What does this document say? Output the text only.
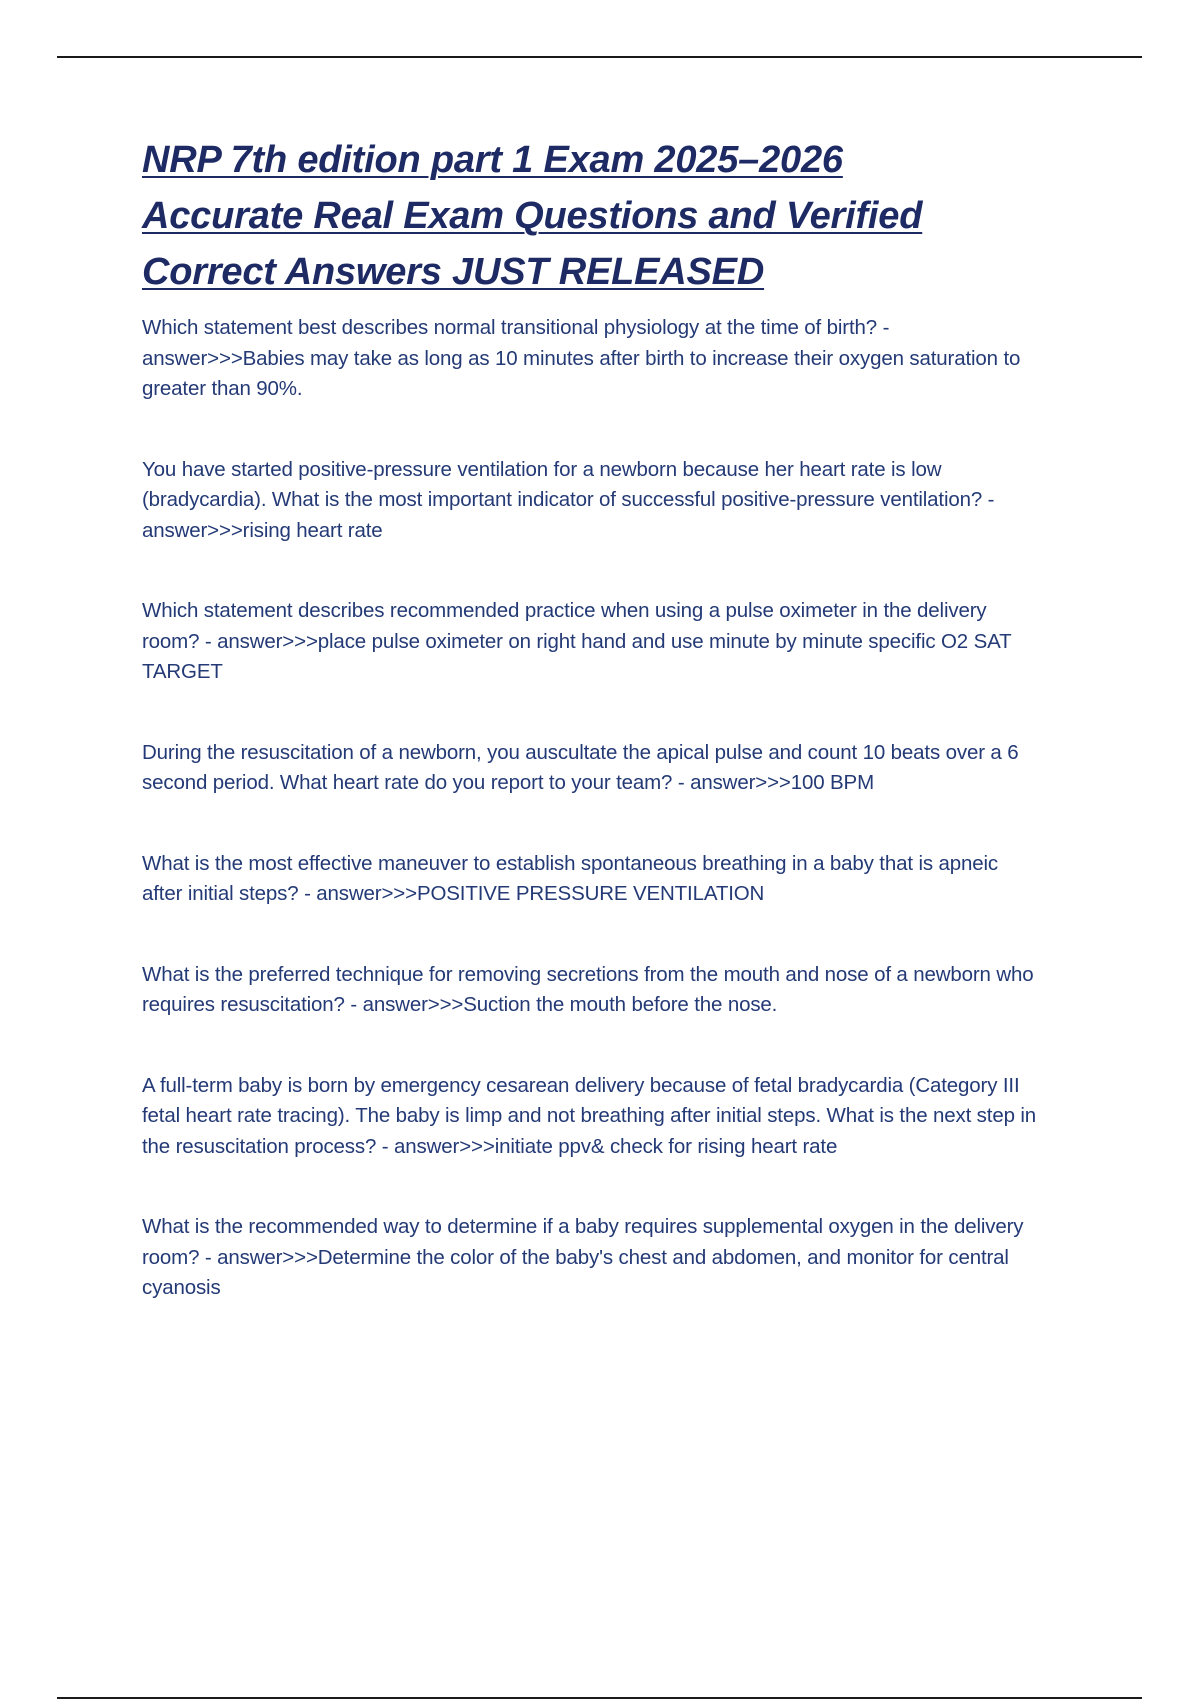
NRP 7th edition part 1 Exam 2025–2026
Accurate Real Exam Questions and Verified
Correct Answers JUST RELEASED

Which statement best describes normal transitional physiology at the time of birth? - answer>>>Babies may take as long as 10 minutes after birth to increase their oxygen saturation to greater than 90%.

You have started positive-pressure ventilation for a newborn because her heart rate is low (bradycardia). What is the most important indicator of successful positive-pressure ventilation? - answer>>>rising heart rate

Which statement describes recommended practice when using a pulse oximeter in the delivery room? - answer>>>place pulse oximeter on right hand and use minute by minute specific O2 SAT TARGET

During the resuscitation of a newborn, you auscultate the apical pulse and count 10 beats over a 6 second period. What heart rate do you report to your team? - answer>>>100 BPM

What is the most effective maneuver to establish spontaneous breathing in a baby that is apneic after initial steps? - answer>>>POSITIVE PRESSURE VENTILATION

What is the preferred technique for removing secretions from the mouth and nose of a newborn who requires resuscitation? - answer>>>Suction the mouth before the nose.

A full-term baby is born by emergency cesarean delivery because of fetal bradycardia (Category III fetal heart rate tracing). The baby is limp and not breathing after initial steps. What is the next step in the resuscitation process? - answer>>>initiate ppv& check for rising heart rate

What is the recommended way to determine if a baby requires supplemental oxygen in the delivery room? - answer>>>Determine the color of the baby's chest and abdomen, and monitor for central cyanosis
